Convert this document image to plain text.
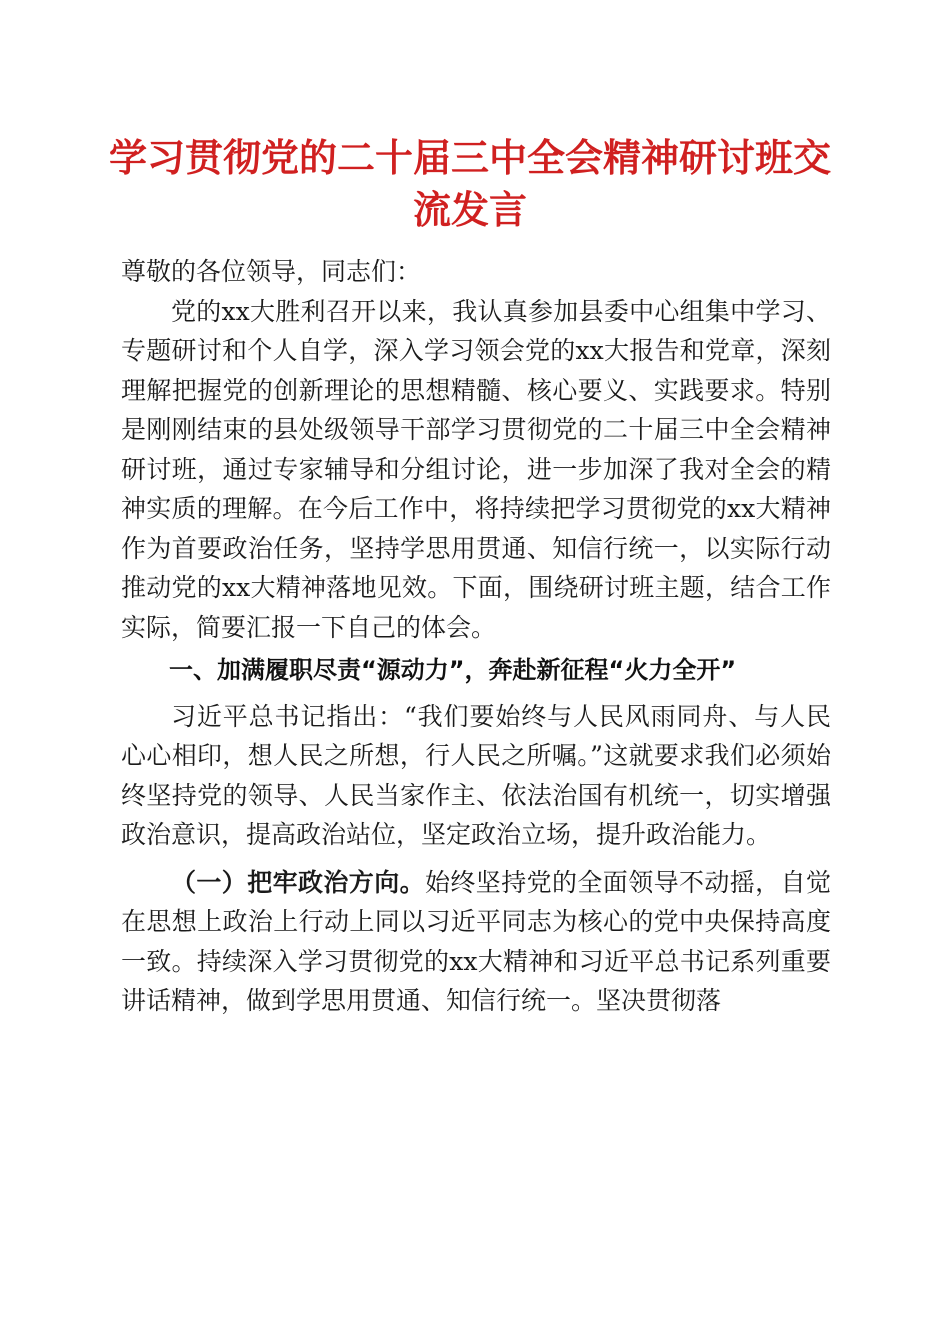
学习贯彻党的二十届三中全会精神研讨班交流发言

尊敬的各位领导，同志们：

党的xx大胜利召开以来，我认真参加县委中心组集中学习、专题研讨和个人自学，深入学习领会党的xx大报告和党章，深刻理解把握党的创新理论的思想精髓、核心要义、实践要求。特别是刚刚结束的县处级领导干部学习贯彻党的二十届三中全会精神研讨班，通过专家辅导和分组讨论，进一步加深了我对全会的精神实质的理解。在今后工作中，将持续把学习贯彻党的xx大精神作为首要政治任务，坚持学思用贯通、知信行统一，以实际行动推动党的xx大精神落地见效。下面，围绕研讨班主题，结合工作实际，简要汇报一下自己的体会。

一、加满履职尽责“源动力”，奔赴新征程“火力全开”

习近平总书记指出：“我们要始终与人民风雨同舟、与人民心心相印，想人民之所想，行人民之所嘱。”这就要求我们必须始终坚持党的领导、人民当家作主、依法治国有机统一，切实增强政治意识，提高政治站位，坚定政治立场，提升政治能力。

（一）把牢政治方向。始终坚持党的全面领导不动摇，自觉在思想上政治上行动上同以习近平同志为核心的党中央保持高度一致。持续深入学习贯彻党的xx大精神和习近平总书记系列重要讲话精神，做到学思用贯通、知信行统一。坚决贯彻落
